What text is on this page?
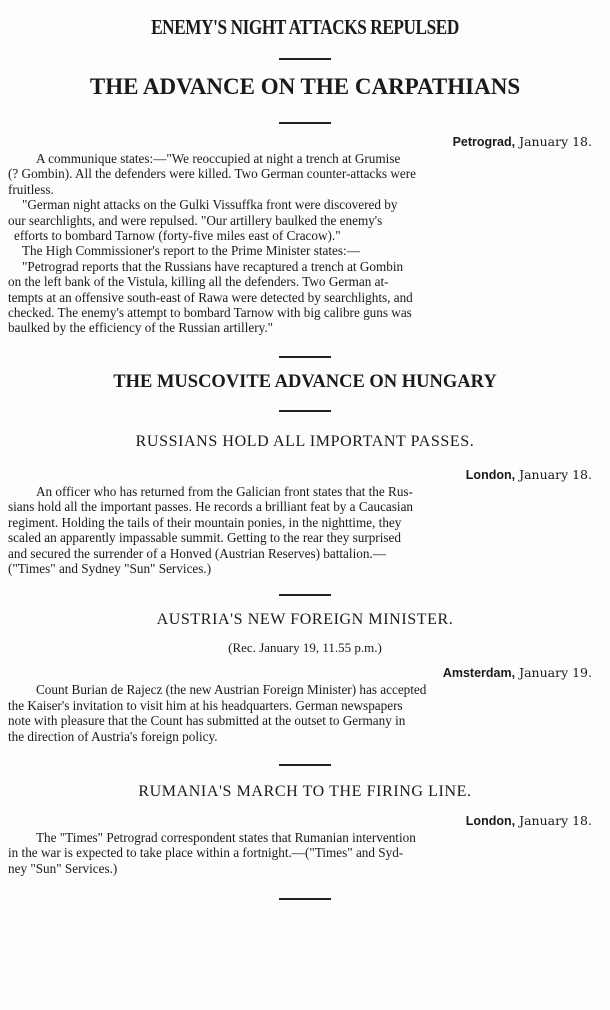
ENEMY'S NIGHT ATTACKS REPULSED
THE ADVANCE ON THE CARPATHIANS
Petrograd, January 18.
A communique states:—"We reoccupied at night a trench at Grumise
(? Gombin). All the defenders were killed. Two German counter-attacks were
fruitless.
"German night attacks on the Gulki Vissuffka front were discovered by
our searchlights, and were repulsed. "Our artillery baulked the enemy's
efforts to bombard Tarnow (forty-five miles east of Cracow)."
The High Commissioner's report to the Prime Minister states:—
"Petrograd reports that the Russians have recaptured a trench at Gombin
on the left bank of the Vistula, killing all the defenders. Two German at-
tempts at an offensive south-east of Rawa were detected by searchlights, and
checked. The enemy's attempt to bombard Tarnow with big calibre guns was
baulked by the efficiency of the Russian artillery."
THE MUSCOVITE ADVANCE ON HUNGARY
RUSSIANS HOLD ALL IMPORTANT PASSES.
London, January 18.
An officer who has returned from the Galician front states that the Rus-
sians hold all the important passes. He records a brilliant feat by a Caucasian
regiment. Holding the tails of their mountain ponies, in the nighttime, they
scaled an apparently impassable summit. Getting to the rear they surprised
and secured the surrender of a Honved (Austrian Reserves) battalion.—
("Times" and Sydney "Sun" Services.)
AUSTRIA'S NEW FOREIGN MINISTER.
(Rec. January 19, 11.55 p.m.)
Amsterdam, January 19.
Count Burian de Rajecz (the new Austrian Foreign Minister) has accepted
the Kaiser's invitation to visit him at his headquarters. German newspapers
note with pleasure that the Count has submitted at the outset to Germany in
the direction of Austria's foreign policy.
RUMANIA'S MARCH TO THE FIRING LINE.
London, January 18.
The "Times" Petrograd correspondent states that Rumanian intervention
in the war is expected to take place within a fortnight.—("Times" and Syd-
ney "Sun" Services.)
